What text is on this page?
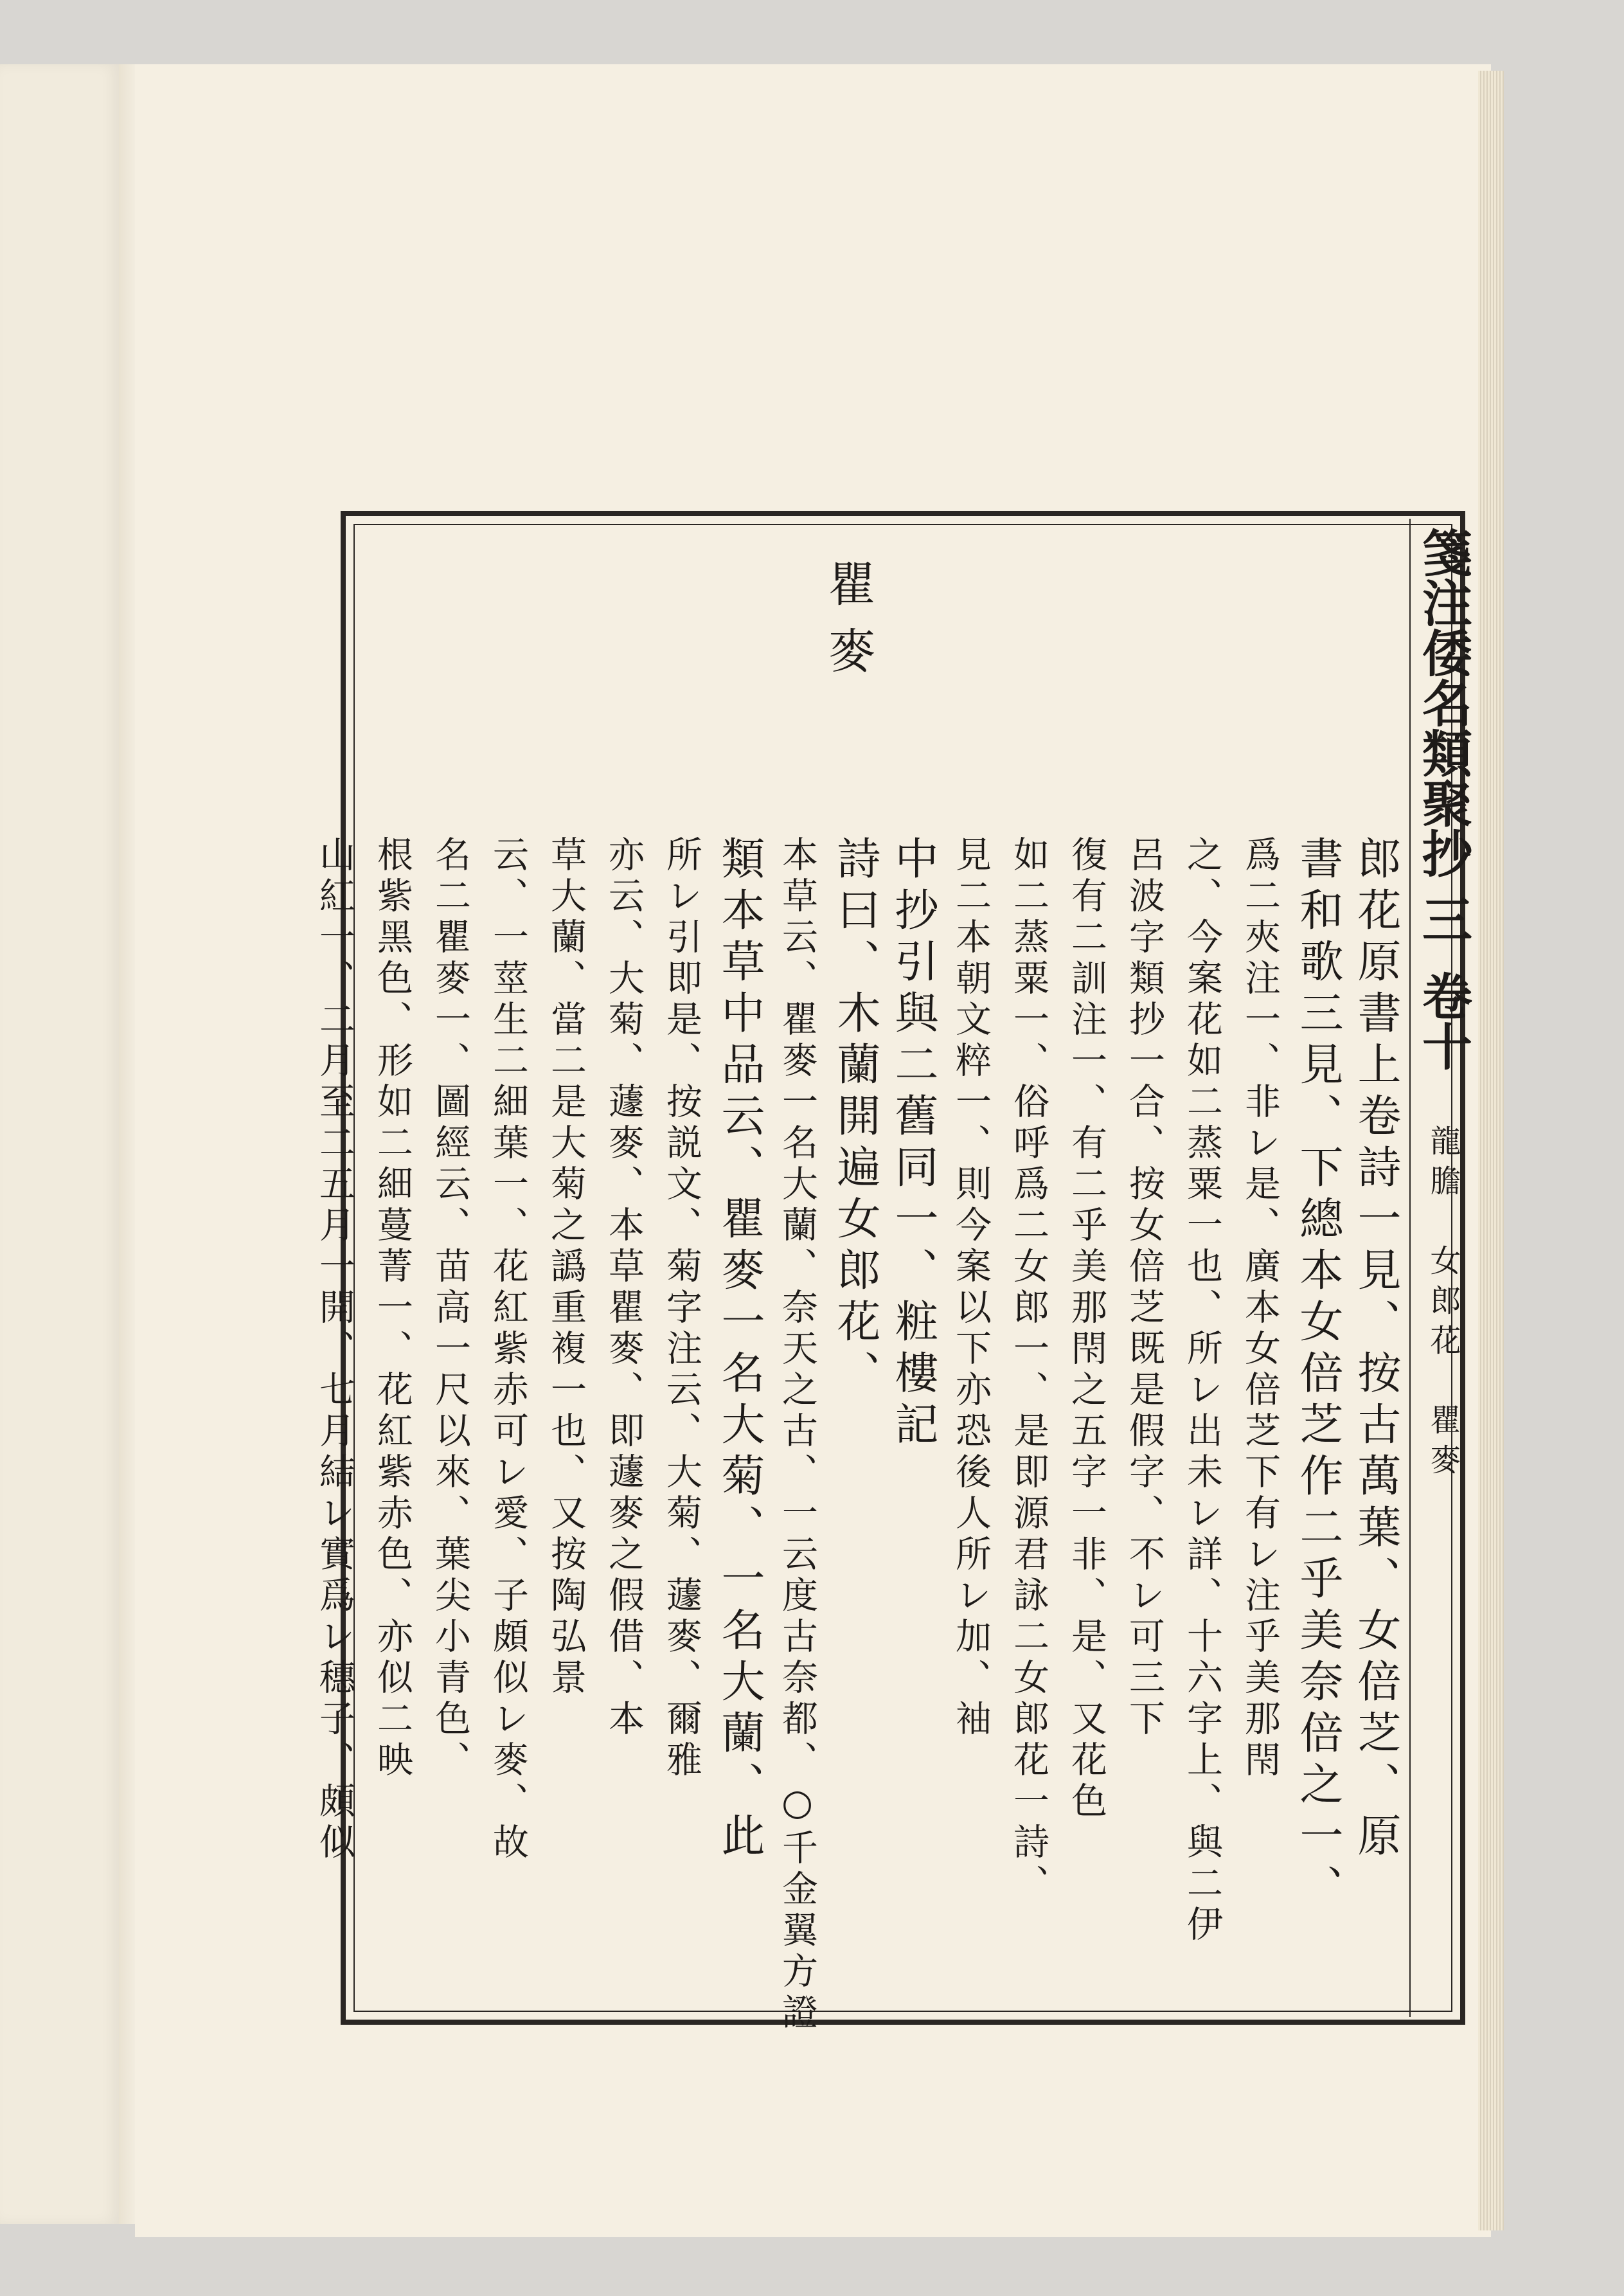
箋注倭名類聚抄
三
卷十
龍膽　女郎花　瞿麥
郎花原書上卷詩一見、按古萬葉、女倍芝、原
書和歌三見、下總本女倍芝作二乎美奈倍之一、
爲二夾注一、非レ是、廣本女倍芝下有レ注乎美那閇
之、今案花如二蒸粟一也、所レ出未レ詳、十六字上、與二伊
呂波字類抄一合、按女倍芝既是假字、不レ可三下
復有二訓注一、有二乎美那閇之五字一非、是、又花色
如二蒸粟一、俗呼爲二女郎一、是即源君詠二女郎花一詩、
見二本朝文粹一、則今案以下亦恐後人所レ加、袖
中抄引與二舊同一、粧樓記
詩曰、木蘭開遍女郎花、
瞿麥
本草云、瞿麥一名大蘭、奈天之古、一云度古奈都、○千金翼方證
類本草中品云、瞿麥一名大菊、一名大蘭、此
所レ引即是、按説文、菊字注云、大菊、蘧麥、爾雅
亦云、大菊、蘧麥、本草瞿麥、即蘧麥之假借、本
草大蘭、當二是大菊之譌重複一也、又按陶弘景
云、一莖生二細葉一、花紅紫赤可レ愛、子頗似レ麥、故
名二瞿麥一、圖經云、苗高一尺以來、葉尖小青色、
根紫黑色、形如二細蔓菁一、花紅紫赤色、亦似二映
山紅一、二月至二五月一開、七月結レ實爲レ穗子、頗似
